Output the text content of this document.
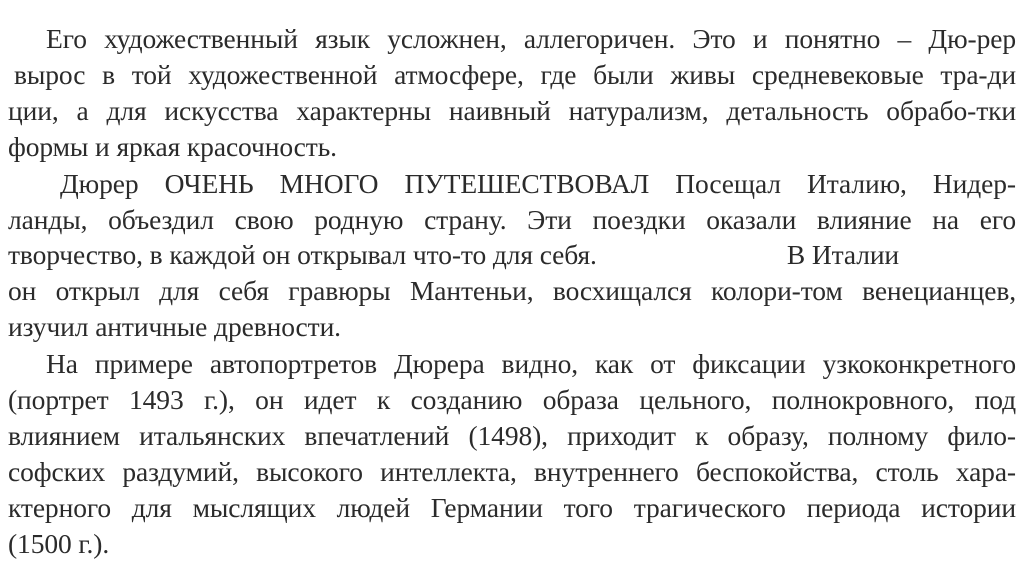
Его художественный язык усложнен, аллегоричен. Это и понятно – Дю-рер
вырос в той художественной атмосфере, где были живы средневековые тра-ди
ции, а для искусства характерны наивный натурализм, детальность обрабо-тки
формы и яркая красочность.
Дюрер ОЧЕНЬ МНОГО ПУТЕШЕСТВОВАЛ Посещал Италию, Нидер-
ланды, объездил свою родную страну. Эти поездки оказали влияние на его
творчество, в каждой он открывал что-то для себя.	В Италии
он открыл для себя гравюры Мантеньи, восхищался колори-том венецианцев,
изучил античные древности.
На примере автопортретов Дюрера видно, как от фиксации узкоконкретного
(портрет 1493 г.), он идет к созданию образа цельного, полнокровного, под
влиянием итальянских впечатлений (1498), приходит к образу, полному фило-
софских раздумий, высокого интеллекта, внутреннего беспокойства, столь хара-
ктерного для мыслящих людей Германии того трагического периода истории
(1500 г.).
